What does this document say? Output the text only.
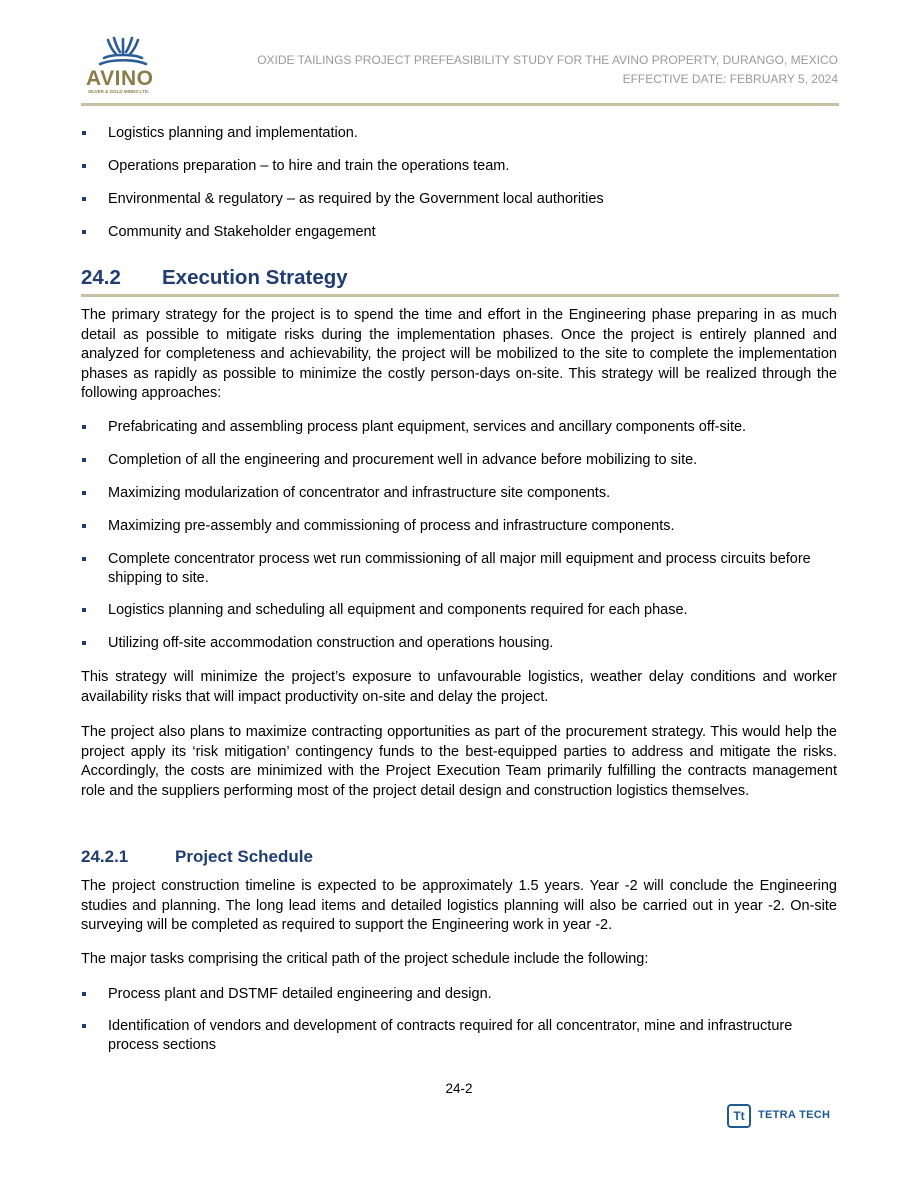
AVINO
SILVER & GOLD MINES LTD.
OXIDE TAILINGS PROJECT PREFEASIBILITY STUDY FOR THE AVINO PROPERTY, DURANGO, MEXICO
EFFECTIVE DATE: FEBRUARY 5, 2024
Logistics planning and implementation.
Operations preparation – to hire and train the operations team.
Environmental & regulatory – as required by the Government local authorities
Community and Stakeholder engagement
24.2 Execution Strategy
The primary strategy for the project is to spend the time and effort in the Engineering phase preparing in as much detail as possible to mitigate risks during the implementation phases. Once the project is entirely planned and analyzed for completeness and achievability, the project will be mobilized to the site to complete the implementation phases as rapidly as possible to minimize the costly person-days on-site. This strategy will be realized through the following approaches:
Prefabricating and assembling process plant equipment, services and ancillary components off-site.
Completion of all the engineering and procurement well in advance before mobilizing to site.
Maximizing modularization of concentrator and infrastructure site components.
Maximizing pre-assembly and commissioning of process and infrastructure components.
Complete concentrator process wet run commissioning of all major mill equipment and process circuits before shipping to site.
Logistics planning and scheduling all equipment and components required for each phase.
Utilizing off-site accommodation construction and operations housing.
This strategy will minimize the project’s exposure to unfavourable logistics, weather delay conditions and worker availability risks that will impact productivity on-site and delay the project.
The project also plans to maximize contracting opportunities as part of the procurement strategy. This would help the project apply its ‘risk mitigation’ contingency funds to the best-equipped parties to address and mitigate the risks. Accordingly, the costs are minimized with the Project Execution Team primarily fulfilling the contracts management role and the suppliers performing most of the project detail design and construction logistics themselves.
24.2.1	Project Schedule
The project construction timeline is expected to be approximately 1.5 years. Year -2 will conclude the Engineering studies and planning. The long lead items and detailed logistics planning will also be carried out in year -2. On-site surveying will be completed as required to support the Engineering work in year -2.
The major tasks comprising the critical path of the project schedule include the following:
Process plant and DSTMF detailed engineering and design.
Identification of vendors and development of contracts required for all concentrator, mine and infrastructure process sections
24-2
Tt	TETRA TECH
